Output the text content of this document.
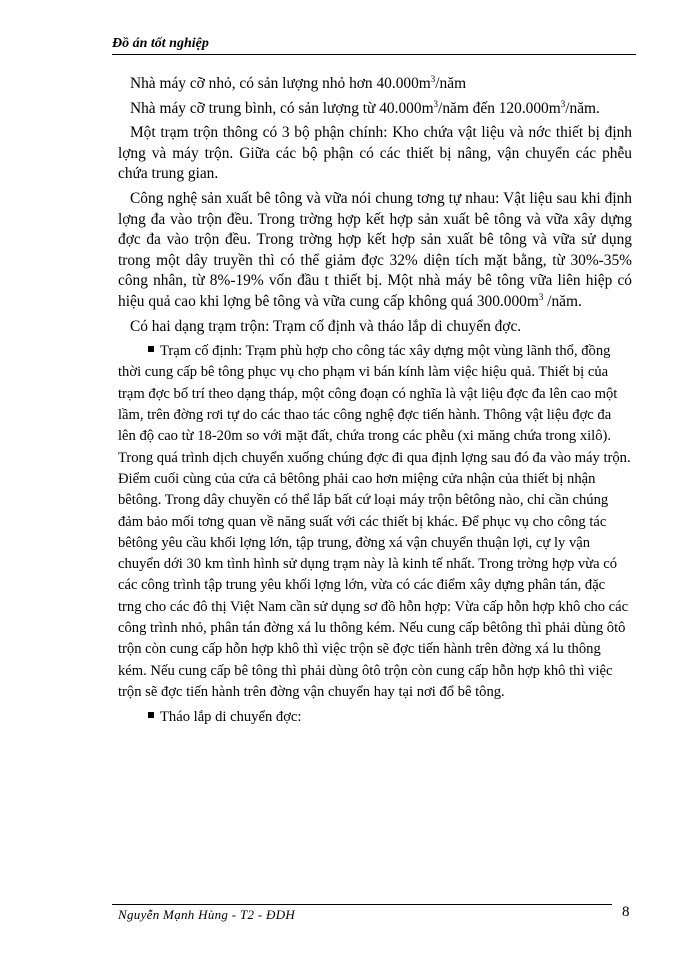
Đồ án tốt nghiệp

Nhà máy cỡ nhỏ, có sản lượng nhỏ hơn $40.000m^3$/năm

Nhà máy cỡ trung bình, có sản lượng từ $40.000m^3$/năm đến $120.000m^3$/năm.

Một trạm trộn thông có 3 bộ phận chính: Kho chứa vật liệu và nớc thiết bị định lợng và máy trộn. Giữa các bộ phận có các thiết bị nâng, vận chuyển các phễu chứa trung gian.

Công nghệ sản xuất bê tông và vữa nói chung tơng tự nhau: Vật liệu sau khi định lợng đa vào trộn đều. Trong trờng hợp kết hợp sản xuất bê tông và vữa xây dựng đợc đa vào trộn đều. Trong trờng hợp kết hợp sản xuất bê tông và vữa sử dụng trong một dây truyền thì có thể giảm đợc 32% diện tích mặt bằng, từ 30%-35% công nhân, từ 8%-19% vốn đầu t thiết bị. Một nhà máy bê tông vữa liên hiệp có hiệu quả cao khi lợng bê tông và vữa cung cấp không quá $300.000m^3$ /năm.

Có hai dạng trạm trộn: Trạm cố định và tháo lắp di chuyển đợc.

Trạm cố định: Trạm phù hợp cho công tác xây dựng một vùng lãnh thổ, đồng thời cung cấp bê tông phục vụ cho phạm vi bán kính làm việc hiệu quả. Thiết bị của trạm đợc bố trí theo dạng tháp, một công đoạn có nghĩa là vật liệu đợc đa lên cao một lầm, trên đờng rơi tự do các thao tác công nghệ đợc tiến hành. Thông vật liệu đợc đa lên độ cao từ 18-20m so với mặt đất, chứa trong các phễu (xi măng chứa trong xilô). Trong quá trình dịch chuyển xuống chúng đợc đi qua định lợng sau đó đa vào máy trộn. Điểm cuối cùng của cửa cả bêtông phải cao hơn miệng cửa nhận của thiết bị nhận bêtông. Trong dây chuyền có thể lắp bất cứ loại máy trộn bêtông nào, chỉ cần chúng đảm bảo mối tơng quan về năng suất với các thiết bị khác. Để phục vụ cho công tác bêtông yêu cầu khối lợng lớn, tập trung, đờng xá vận chuyển thuận lợi, cự ly vận chuyển dới 30 km tình hình sử dụng trạm này là kinh tế nhất. Trong trờng hợp vừa có các công trình tập trung yêu khối lợng lớn, vừa có các điểm xây dựng phân tán, đặc trng cho các đô thị Việt Nam cần sử dụng sơ đồ hỗn hợp: Vừa cấp hỗn hợp khô cho các công trình nhỏ, phân tán đờng xá lu thông kém. Nếu cung cấp bêtông thì phải dùng ôtô trộn còn cung cấp hỗn hợp khô thì việc trộn sẽ đợc tiến hành trên đờng xá lu thông kém. Nếu cung cấp bê tông thì phải dùng ôtô trộn còn cung cấp hỗn hợp khô thì việc trộn sẽ đợc tiến hành trên đờng vận chuyển hay tại nơi đổ bê tông.

Tháo lắp di chuyển đợc:

Nguyễn Mạnh Hùng - T2 - ĐDH	8
